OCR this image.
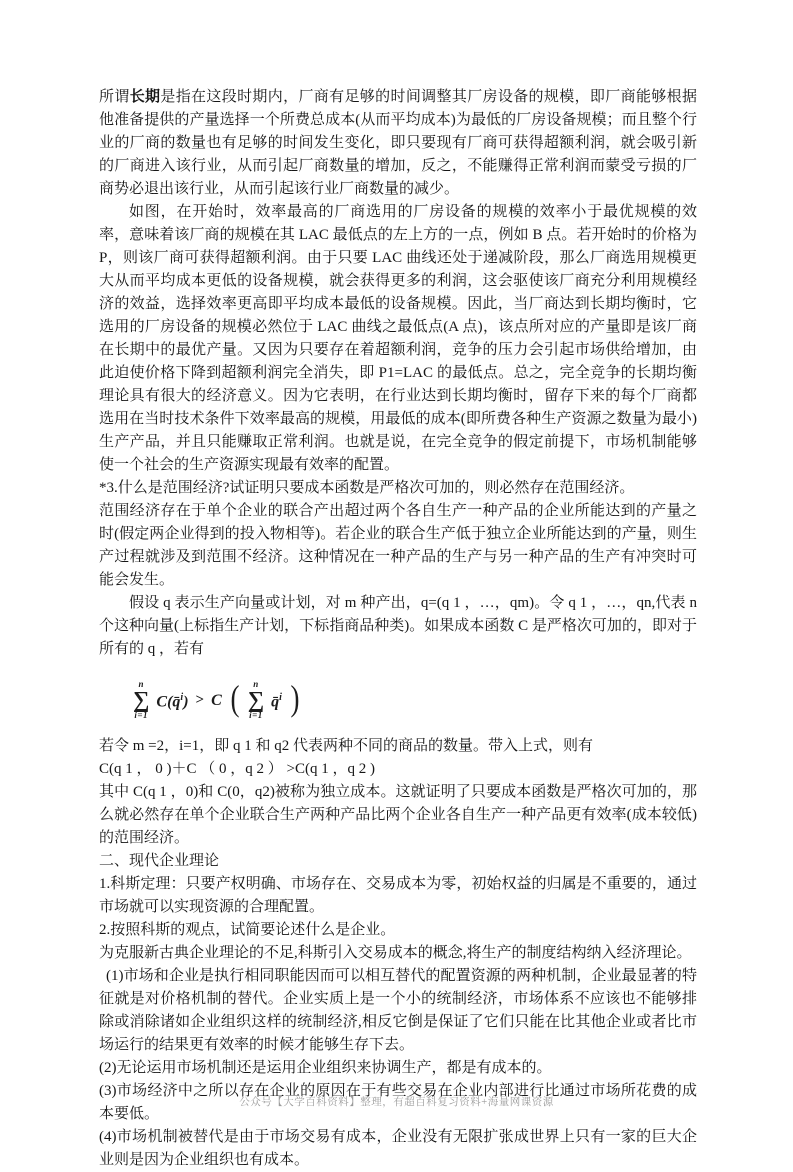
所谓长期是指在这段时期内，厂商有足够的时间调整其厂房设备的规模，即厂商能够根据他准备提供的产量选择一个所费总成本(从而平均成本)为最低的厂房设备规模；而且整个行业的厂商的数量也有足够的时间发生变化，即只要现有厂商可获得超额利润，就会吸引新的厂商进入该行业，从而引起厂商数量的增加，反之，不能赚得正常利润而蒙受亏损的厂商势必退出该行业，从而引起该行业厂商数量的减少。

如图，在开始时，效率最高的厂商选用的厂房设备的规模的效率小于最优规模的效率，意味着该厂商的规模在其 LAC 最低点的左上方的一点，例如 B 点。若开始时的价格为 P，则该厂商可获得超额利润。由于只要 LAC 曲线还处于递减阶段，那么厂商选用规模更大从而平均成本更低的设备规模，就会获得更多的利润，这会驱使该厂商充分利用规模经济的效益，选择效率更高即平均成本最低的设备规模。因此，当厂商达到长期均衡时，它选用的厂房设备的规模必然位于 LAC 曲线之最低点(A 点)，该点所对应的产量即是该厂商在长期中的最优产量。又因为只要存在着超额利润，竞争的压力会引起市场供给增加，由此迫使价格下降到超额利润完全消失，即 P1=LAC 的最低点。总之，完全竞争的长期均衡理论具有很大的经济意义。因为它表明，在行业达到长期均衡时，留存下来的每个厂商都选用在当时技术条件下效率最高的规模，用最低的成本(即所费各种生产资源之数量为最小)生产产品，并且只能赚取正常利润。也就是说，在完全竞争的假定前提下，市场机制能够使一个社会的生产资源实现最有效率的配置。

*3.什么是范围经济?试证明只要成本函数是严格次可加的，则必然存在范围经济。

范围经济存在于单个企业的联合产出超过两个各自生产一种产品的企业所能达到的产量之时(假定两企业得到的投入物相等)。若企业的联合生产低于独立企业所能达到的产量，则生产过程就涉及到范围不经济。这种情况在一种产品的生产与另一种产品的生产有冲突时可能会发生。

假设 q 表示生产向量或计划，对 m 种产出，q=(q 1 ，…，qm)。令 q 1 ，…，qn,代表 n 个这种向量(上标指生产计划，下标指商品种类)。如果成本函数 C 是严格次可加的，即对于所有的 q ，若有

n
∑
i=1
C(q̄$^i$) > C ( n
∑
i=1
q̄$^i$ )

若令 m =2，i=1，即 q 1 和 q2 代表两种不同的商品的数量。带入上式，则有

C(q 1 ， 0 )＋C （ 0 ，q 2 ） >C(q 1 ，q 2 )

其中 C(q 1 ，0)和 C(0，q2)被称为独立成本。这就证明了只要成本函数是严格次可加的，那么就必然存在单个企业联合生产两种产品比两个企业各自生产一种产品更有效率(成本较低)的范围经济。

二、现代企业理论

1.科斯定理：只要产权明确、市场存在、交易成本为零，初始权益的归属是不重要的，通过市场就可以实现资源的合理配置。

2.按照科斯的观点，试简要论述什么是企业。

为克服新古典企业理论的不足,科斯引入交易成本的概念,将生产的制度结构纳入经济理论。

(1)市场和企业是执行相同职能因而可以相互替代的配置资源的两种机制，企业最显著的特征就是对价格机制的替代。企业实质上是一个小的统制经济，市场体系不应该也不能够排除或消除诸如企业组织这样的统制经济,相反它倒是保证了它们只能在比其他企业或者比市场运行的结果更有效率的时候才能够生存下去。

(2)无论运用市场机制还是运用企业组织来协调生产，都是有成本的。

(3)市场经济中之所以存在企业的原因在于有些交易在企业内部进行比通过市场所花费的成本要低。

(4)市场机制被替代是由于市场交易有成本，企业没有无限扩张成世界上只有一家的巨大企业则是因为企业组织也有成本。

公众号【大学百科资料】整理，有超百科复习资料+海量网课资源
